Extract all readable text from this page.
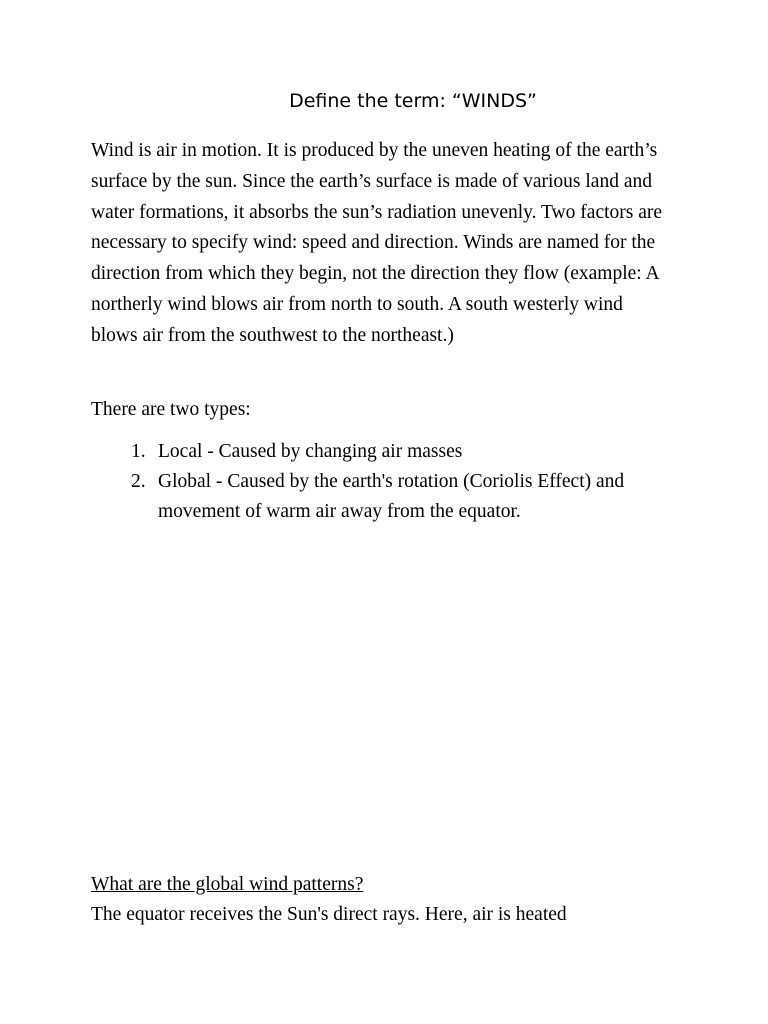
Define the term: “WINDS”

Wind is air in motion. It is produced by the uneven heating of the earth’s surface by the sun. Since the earth’s surface is made of various land and water formations, it absorbs the sun’s radiation unevenly. Two factors are necessary to specify wind: speed and direction. Winds are named for the direction from which they begin, not the direction they flow (example: A northerly wind blows air from north to south. A south westerly wind blows air from the southwest to the northeast.)

There are two types:

1. Local - Caused by changing air masses
2. Global - Caused by the earth's rotation (Coriolis Effect) and movement of warm air away from the equator.
What are the global wind patterns?

The equator receives the Sun's direct rays. Here, air is heated
